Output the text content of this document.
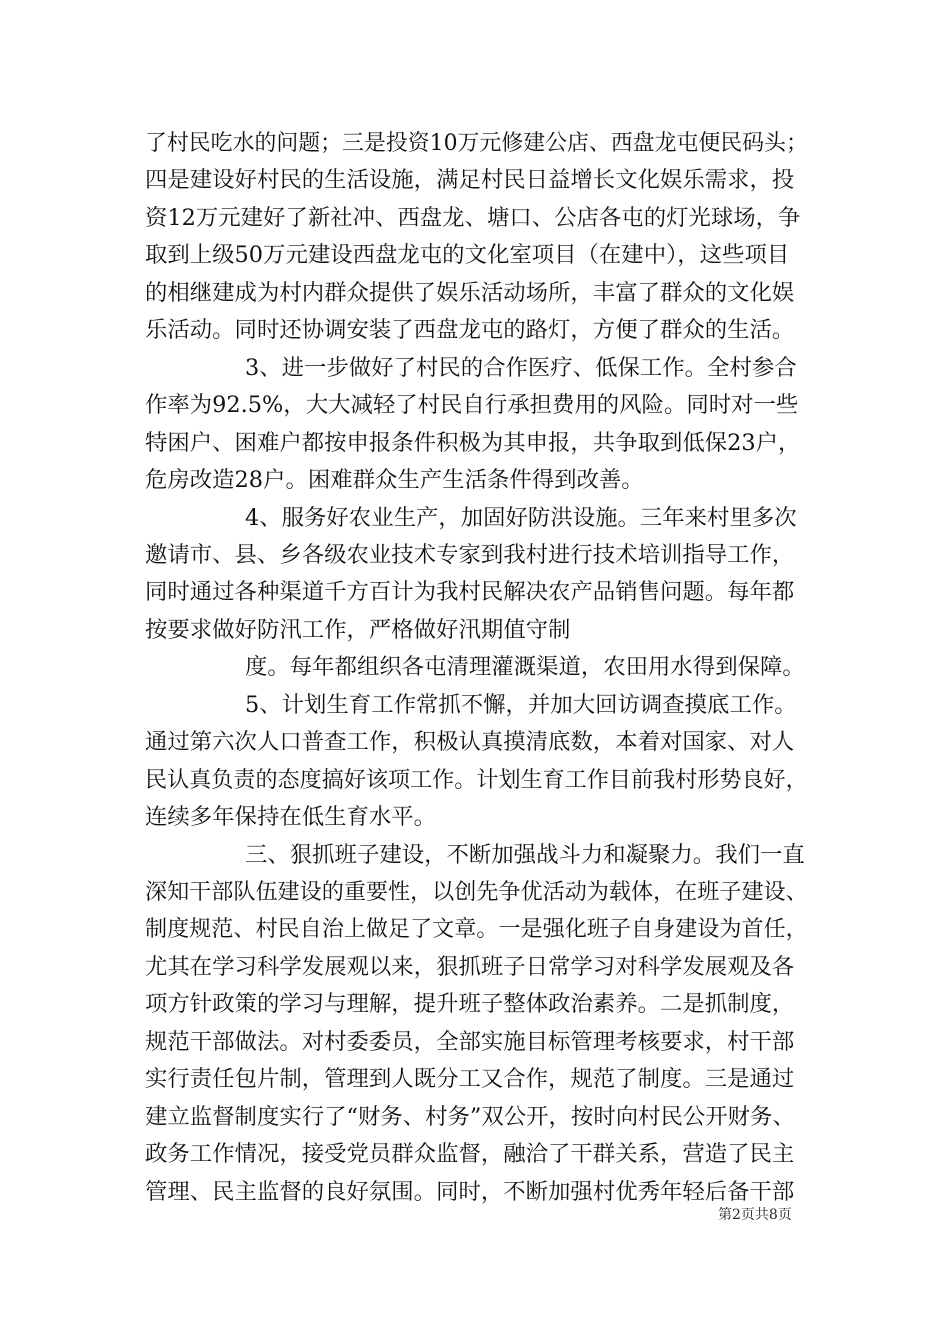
了村民吃水的问题；三是投资10万元修建公店、西盘龙屯便民码头；

四是建设好村民的生活设施，满足村民日益增长文化娱乐需求，投

资12万元建好了新社冲、西盘龙、塘口、公店各屯的灯光球场，争

取到上级50万元建设西盘龙屯的文化室项目（在建中），这些项目

的相继建成为村内群众提供了娱乐活动场所，丰富了群众的文化娱

乐活动。同时还协调安装了西盘龙屯的路灯，方便了群众的生活。

3、进一步做好了村民的合作医疗、低保工作。全村参合

作率为92.5%，大大减轻了村民自行承担费用的风险。同时对一些

特困户、困难户都按申报条件积极为其申报，共争取到低保23户，

危房改造28户。困难群众生产生活条件得到改善。

4、服务好农业生产，加固好防洪设施。三年来村里多次

邀请市、县、乡各级农业技术专家到我村进行技术培训指导工作，

同时通过各种渠道千方百计为我村民解决农产品销售问题。每年都

按要求做好防汛工作，严格做好汛期值守制

度。每年都组织各屯清理灌溉渠道，农田用水得到保障。

5、计划生育工作常抓不懈，并加大回访调查摸底工作。

通过第六次人口普查工作，积极认真摸清底数，本着对国家、对人

民认真负责的态度搞好该项工作。计划生育工作目前我村形势良好，

连续多年保持在低生育水平。

三、狠抓班子建设，不断加强战斗力和凝聚力。我们一直

深知干部队伍建设的重要性，以创先争优活动为载体，在班子建设、

制度规范、村民自治上做足了文章。一是强化班子自身建设为首任，

尤其在学习科学发展观以来，狠抓班子日常学习对科学发展观及各

项方针政策的学习与理解，提升班子整体政治素养。二是抓制度，

规范干部做法。对村委委员，全部实施目标管理考核要求，村干部

实行责任包片制，管理到人既分工又合作，规范了制度。三是通过

建立监督制度实行了“财务、村务”双公开，按时向村民公开财务、

政务工作情况，接受党员群众监督，融洽了干群关系，营造了民主

管理、民主监督的良好氛围。同时，不断加强村优秀年轻后备干部

第2页共8页
